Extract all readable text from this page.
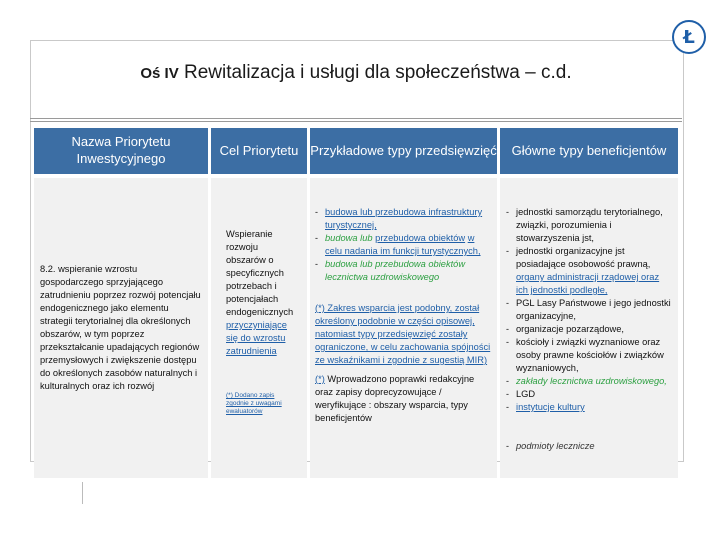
Ł
Oś IV Rewitalizacja i usługi dla społeczeństwa – c.d.
Nazwa Priorytetu Inwestycyjnego
Cel Priorytetu Przykładowe typy przedsięwzięć	Główne typy beneficjentów
8.2. wspieranie wzrostu gospodarczego sprzyjającego zatrudnieniu poprzez rozwój potencjału endogenicznego jako elementu strategii terytorialnej dla określonych obszarów, w tym poprzez przekształcanie upadających regionów przemysłowych i zwiększenie dostępu do określonych zasobów naturalnych i kulturalnych oraz ich rozwój
Wspieranie rozwoju obszarów o specyficznych potrzebach i potencjałach endogenicznych
przyczyniające się do wzrostu zatrudnienia
(*) Dodano zapis zgodnie z uwagami ewaluatorów
- budowa lub przebudowa infrastruktury turystycznej,
- budowa lub przebudowa obiektów w celu nadania im funkcji turystycznych,
- budowa lub przebudowa obiektów lecznictwa uzdrowiskowego
(*) Zakres wsparcia jest podobny, został określony podobnie w części opisowej, natomiast typy przedsięwzięć zostały ograniczone, w celu zachowania spójności ze wskaźnikami i zgodnie z sugestią MIR)
(*) Wprowadzono poprawki redakcyjne oraz zapisy doprecyzowujące / weryfikujące : obszary wsparcia, typy beneficjentów
- jednostki samorządu terytorialnego, związki, porozumienia i stowarzyszenia jst,
- jednostki organizacyjne jst posiadające osobowość prawną, organy administracji rządowej oraz ich jednostki podległe,
- PGL Lasy Państwowe i jego jednostki organizacyjne,
- organizacje pozarządowe,
- kościoły i związki wyznaniowe oraz osoby prawne kościołów i związków wyznaniowych,
- zakłady lecznictwa uzdrowiskowego,
- LGD
- instytucje kultury
- podmioty lecznicze
